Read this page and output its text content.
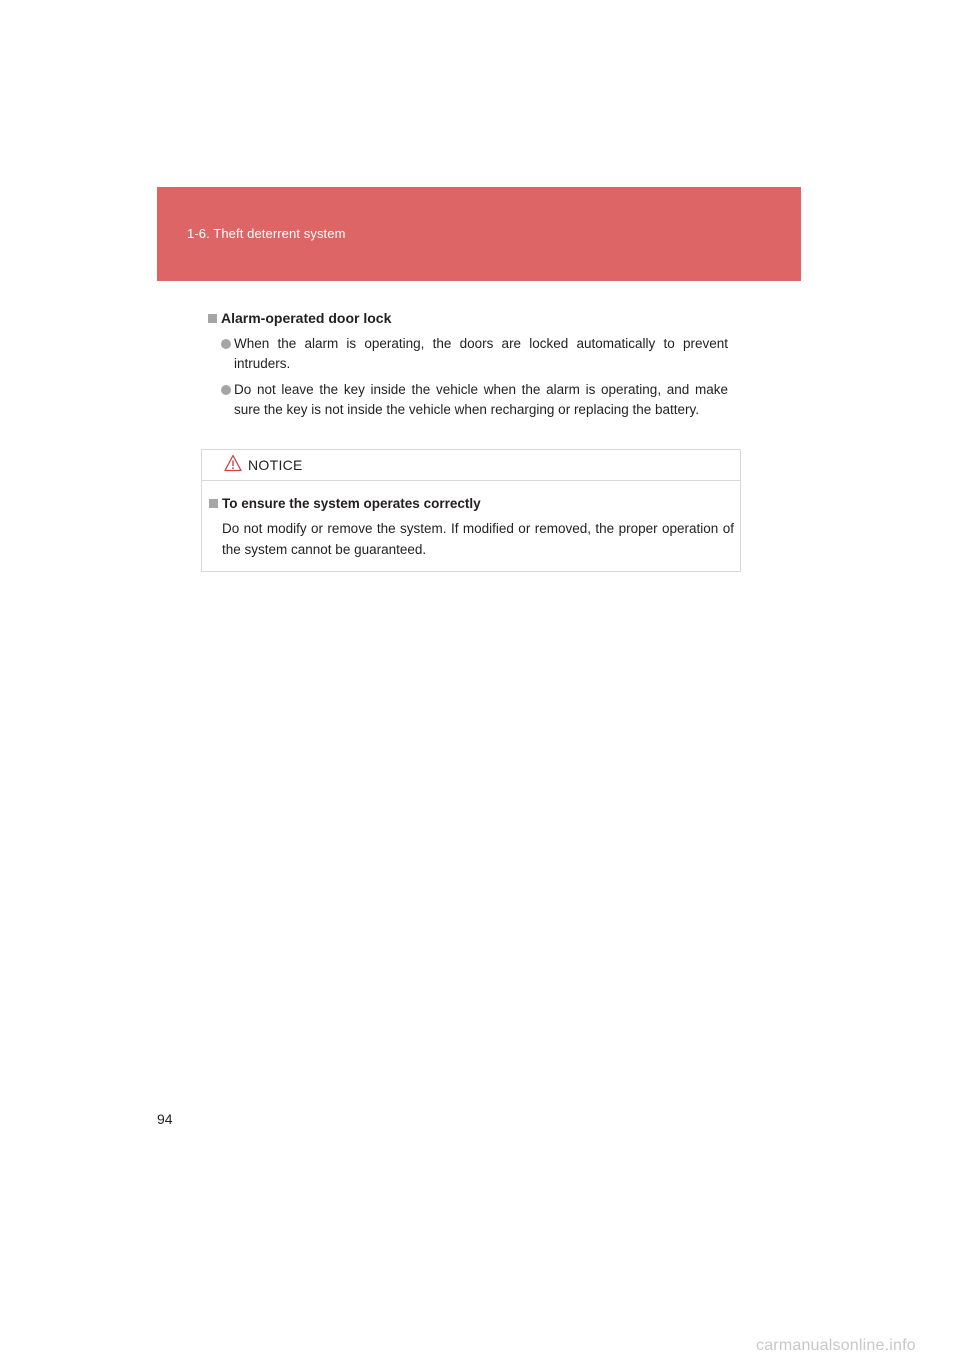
1-6. Theft deterrent system
Alarm-operated door lock
When the alarm is operating, the doors are locked automatically to prevent intruders.
Do not leave the key inside the vehicle when the alarm is operating, and make sure the key is not inside the vehicle when recharging or replacing the battery.
NOTICE
To ensure the system operates correctly
Do not modify or remove the system. If modified or removed, the proper operation of the system cannot be guaranteed.
94
carmanualsonline.info
